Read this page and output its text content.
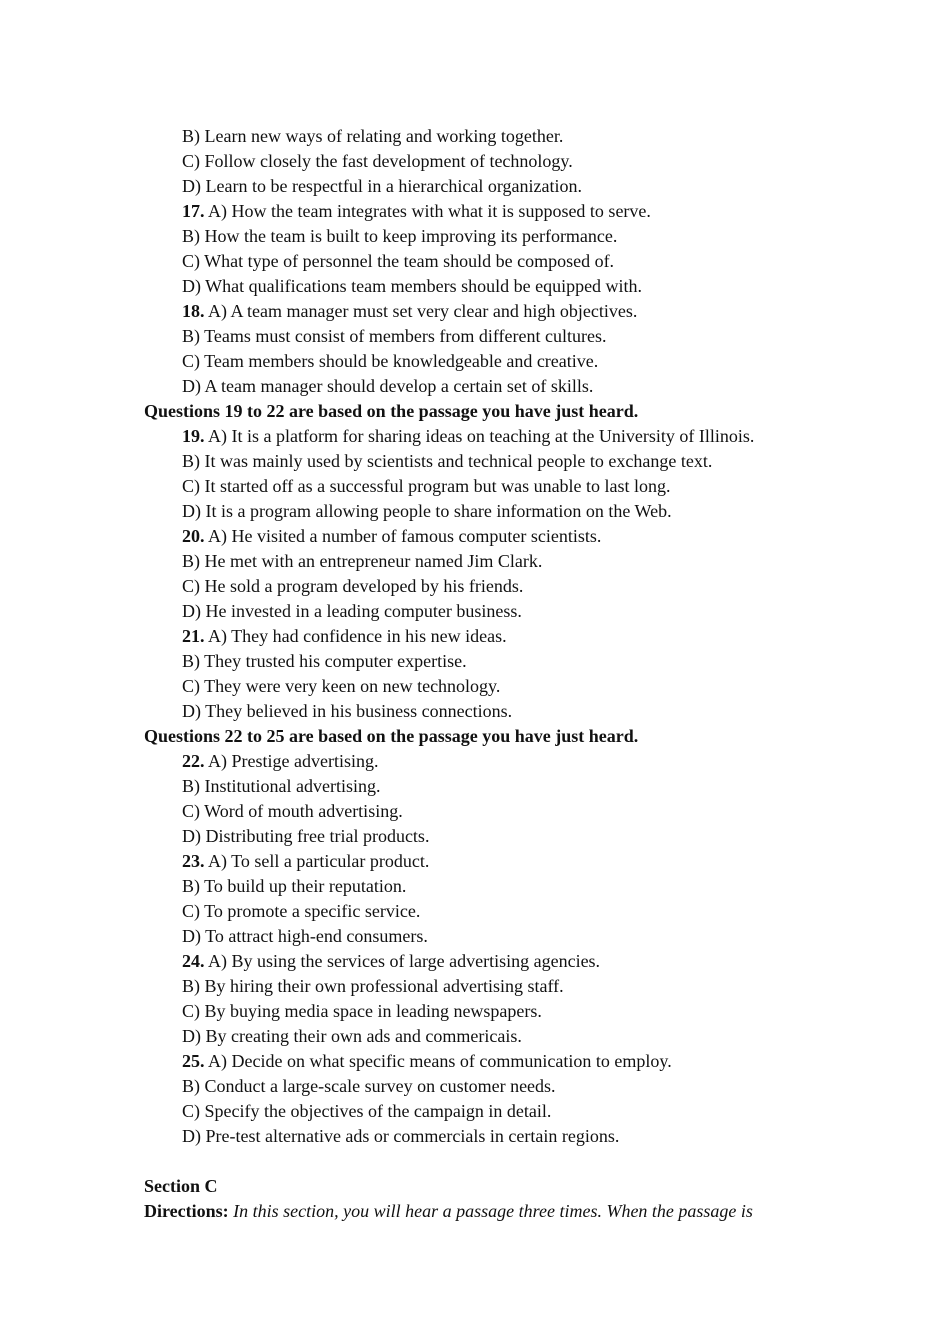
B) Learn new ways of relating and working together.
C) Follow closely the fast development of technology.
D) Learn to be respectful in a hierarchical organization.
17. A) How the team integrates with what it is supposed to serve.
B) How the team is built to keep improving its performance.
C) What type of personnel the team should be composed of.
D) What qualifications team members should be equipped with.
18. A) A team manager must set very clear and high objectives.
B) Teams must consist of members from different cultures.
C) Team members should be knowledgeable and creative.
D) A team manager should develop a certain set of skills.
Questions 19 to 22 are based on the passage you have just heard.
19. A) It is a platform for sharing ideas on teaching at the University of Illinois.
B) It was mainly used by scientists and technical people to exchange text.
C) It started off as a successful program but was unable to last long.
D) It is a program allowing people to share information on the Web.
20. A) He visited a number of famous computer scientists.
B) He met with an entrepreneur named Jim Clark.
C) He sold a program developed by his friends.
D) He invested in a leading computer business.
21. A) They had confidence in his new ideas.
B) They trusted his computer expertise.
C) They were very keen on new technology.
D) They believed in his business connections.
Questions 22 to 25 are based on the passage you have just heard.
22. A) Prestige advertising.
B) Institutional advertising.
C) Word of mouth advertising.
D) Distributing free trial products.
23. A) To sell a particular product.
B) To build up their reputation.
C) To promote a specific service.
D) To attract high-end consumers.
24. A) By using the services of large advertising agencies.
B) By hiring their own professional advertising staff.
C) By buying media space in leading newspapers.
D) By creating their own ads and commericais.
25. A) Decide on what specific means of communication to employ.
B) Conduct a large-scale survey on customer needs.
C) Specify the objectives of the campaign in detail.
D) Pre-test alternative ads or commercials in certain regions.
Section C
Directions: In this section, you will hear a passage three times. When the passage is
